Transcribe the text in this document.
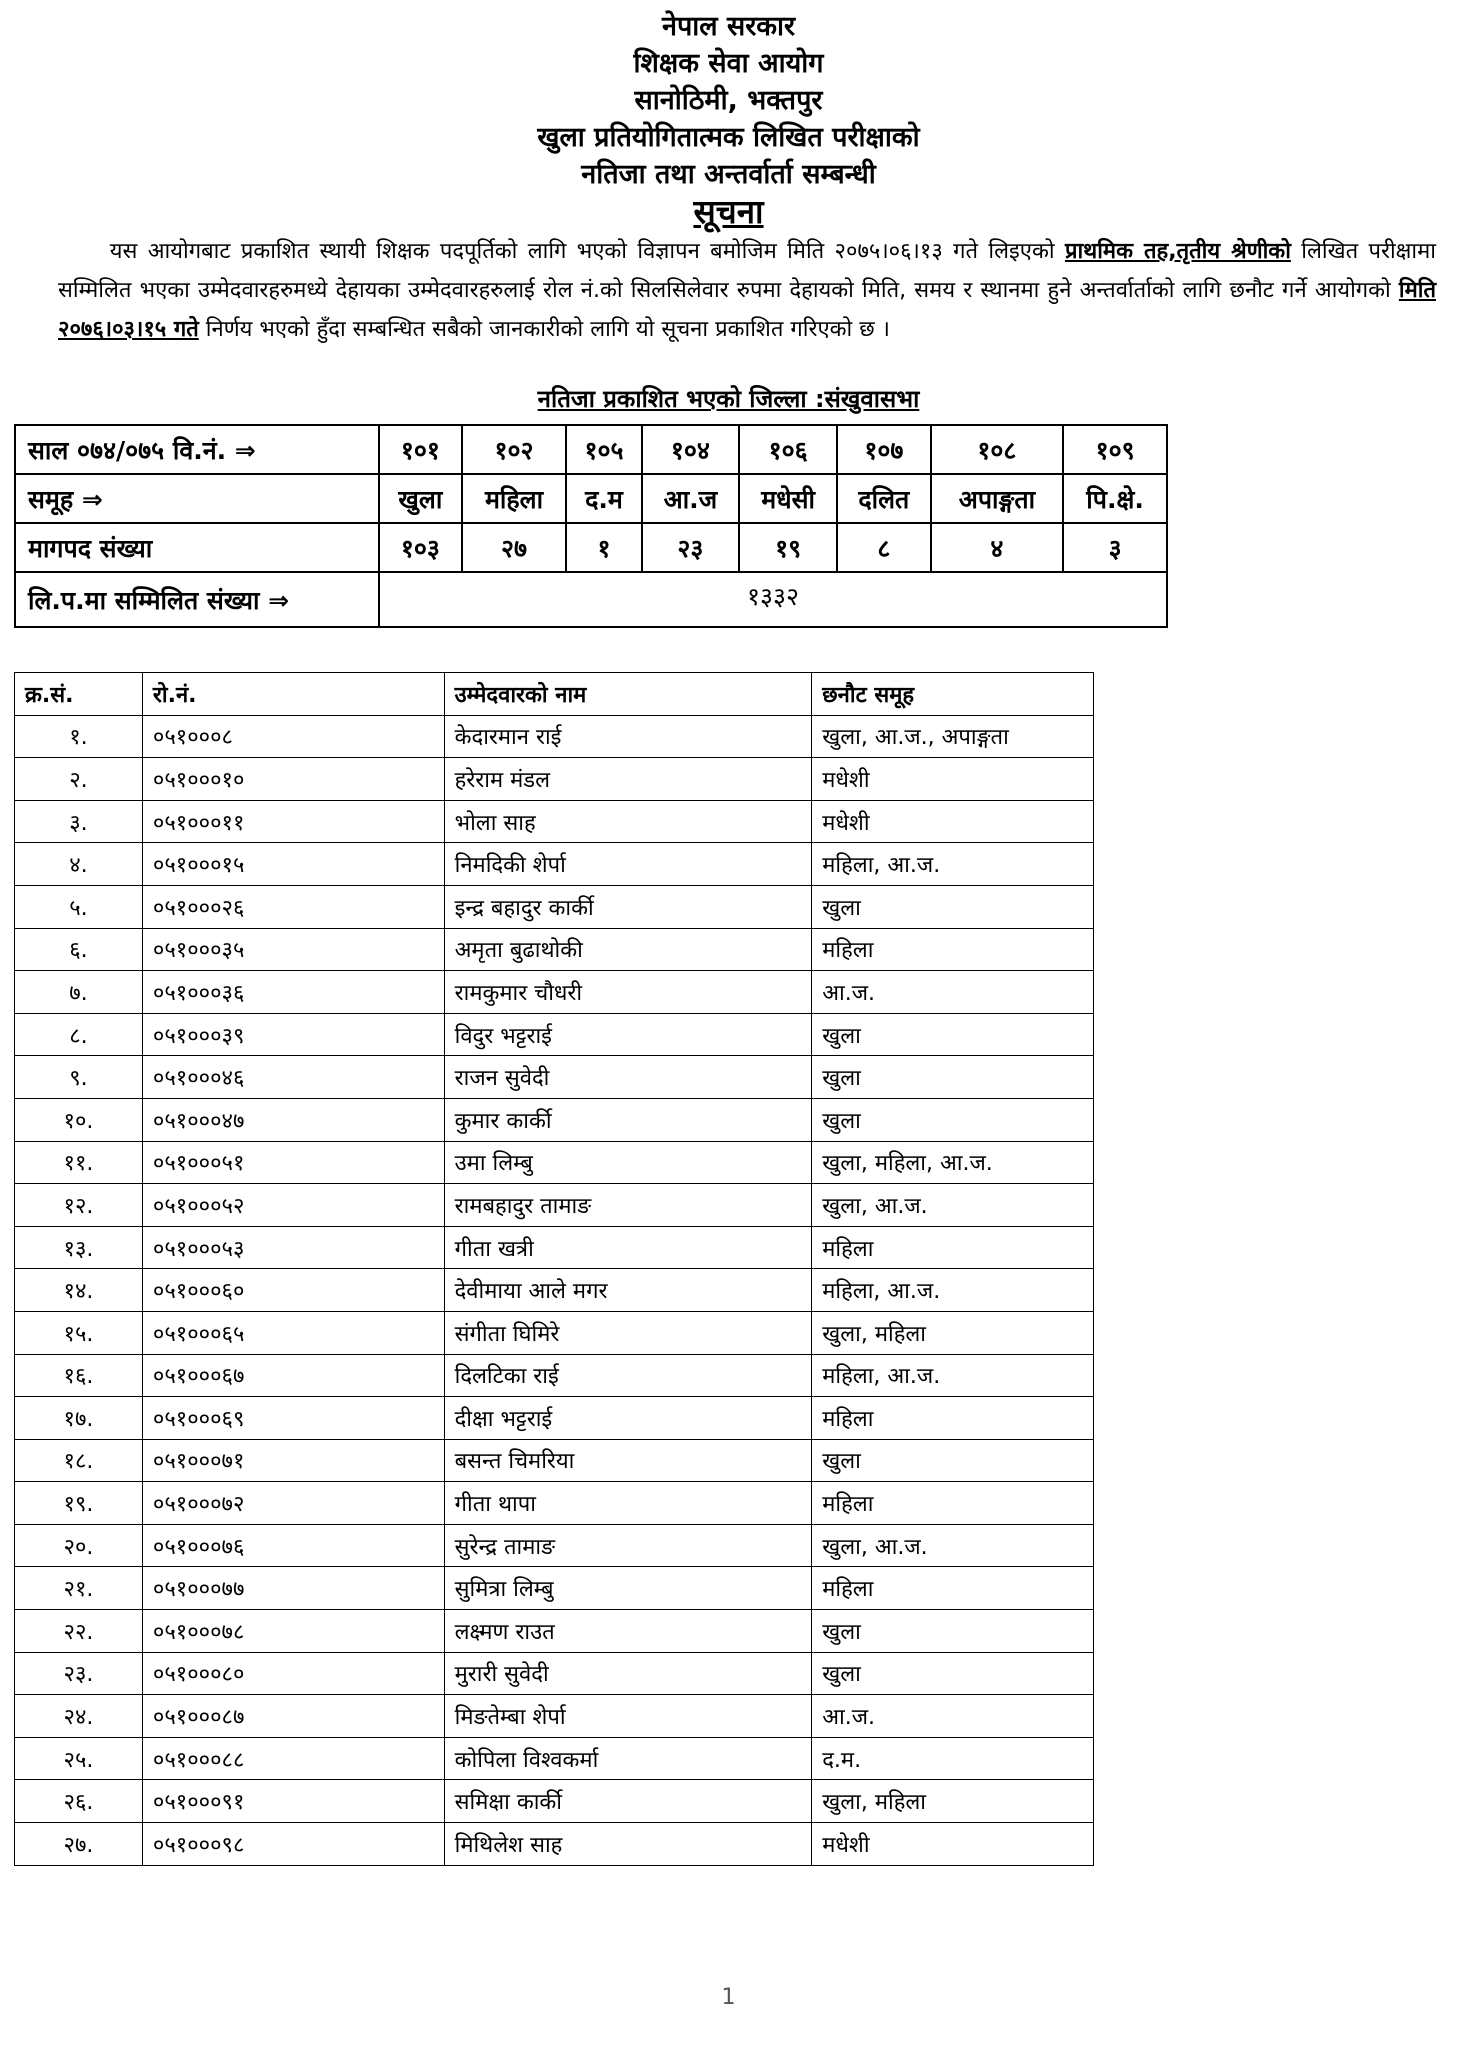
नेपाल सरकार
शिक्षक सेवा आयोग
सानोठिमी, भक्तपुर
खुला प्रतियोगितात्मक लिखित परीक्षाको
नतिजा तथा अन्तर्वार्ता सम्बन्धी
सूचना
यस आयोगबाट प्रकाशित स्थायी शिक्षक पदपूर्तिको लागि भएको विज्ञापन बमोजिम मिति २०७५।०६।१३ गते लिइएको प्राथमिक तह,तृतीय श्रेणीको लिखित परीक्षामा सम्मिलित भएका उम्मेदवारहरुमध्ये देहायका उम्मेदवारहरुलाई रोल नं.को सिलसिलेवार रुपमा देहायको मिति, समय र स्थानमा हुने अन्तर्वार्ताको लागि छनौट गर्ने आयोगको मिति २०७६।०३।१५ गते निर्णय भएको हुँदा सम्बन्धित सबैको जानकारीको लागि यो सूचना प्रकाशित गरिएको छ ।
नतिजा प्रकाशित भएको जिल्ला :संखुवासभा
साल ०७४/०७५ वि.नं. ⇒	१०१	१०२	१०५	१०४	१०६	१०७	१०८	१०९
समूह ⇒	खुला	महिला	द.म	आ.ज	मधेसी	दलित	अपाङ्गता	पि.क्षे.
मागपद संख्या	१०३	२७	१	२३	१९	८	४	३
लि.प.मा सम्मिलित संख्या ⇒	१३३२							
क्र.सं.	रो.नं.	उम्मेदवारको नाम	छनौट समूह
१.	०५१०००८	केदारमान राई	खुला, आ.ज., अपाङ्गता
२.	०५१०००१०	हरेराम मंडल	मधेशी
३.	०५१०००११	भोला साह	मधेशी
४.	०५१०००१५	निमदिकी शेर्पा	महिला, आ.ज.
५.	०५१०००२६	इन्द्र बहादुर कार्की	खुला
६.	०५१०००३५	अमृता बुढाथोकी	महिला
७.	०५१०००३६	रामकुमार चौधरी	आ.ज.
८.	०५१०००३९	विदुर भट्टराई	खुला
९.	०५१०००४६	राजन सुवेदी	खुला
१०.	०५१०००४७	कुमार कार्की	खुला
११.	०५१०००५१	उमा लिम्बु	खुला, महिला, आ.ज.
१२.	०५१०००५२	रामबहादुर तामाङ	खुला, आ.ज.
१३.	०५१०००५३	गीता खत्री	महिला
१४.	०५१०००६०	देवीमाया आले मगर	महिला, आ.ज.
१५.	०५१०००६५	संगीता घिमिरे	खुला, महिला
१६.	०५१०००६७	दिलटिका राई	महिला, आ.ज.
१७.	०५१०००६९	दीक्षा भट्टराई	महिला
१८.	०५१०००७१	बसन्त चिमरिया	खुला
१९.	०५१०००७२	गीता थापा	महिला
२०.	०५१०००७६	सुरेन्द्र तामाङ	खुला, आ.ज.
२१.	०५१०००७७	सुमित्रा लिम्बु	महिला
२२.	०५१०००७८	लक्ष्मण राउत	खुला
२३.	०५१०००८०	मुरारी सुवेदी	खुला
२४.	०५१०००८७	मिङतेम्बा शेर्पा	आ.ज.
२५.	०५१०००८८	कोपिला विश्वकर्मा	द.म.
२६.	०५१०००९१	समिक्षा कार्की	खुला, महिला
२७.	०५१०००९८	मिथिलेश साह	मधेशी
1
